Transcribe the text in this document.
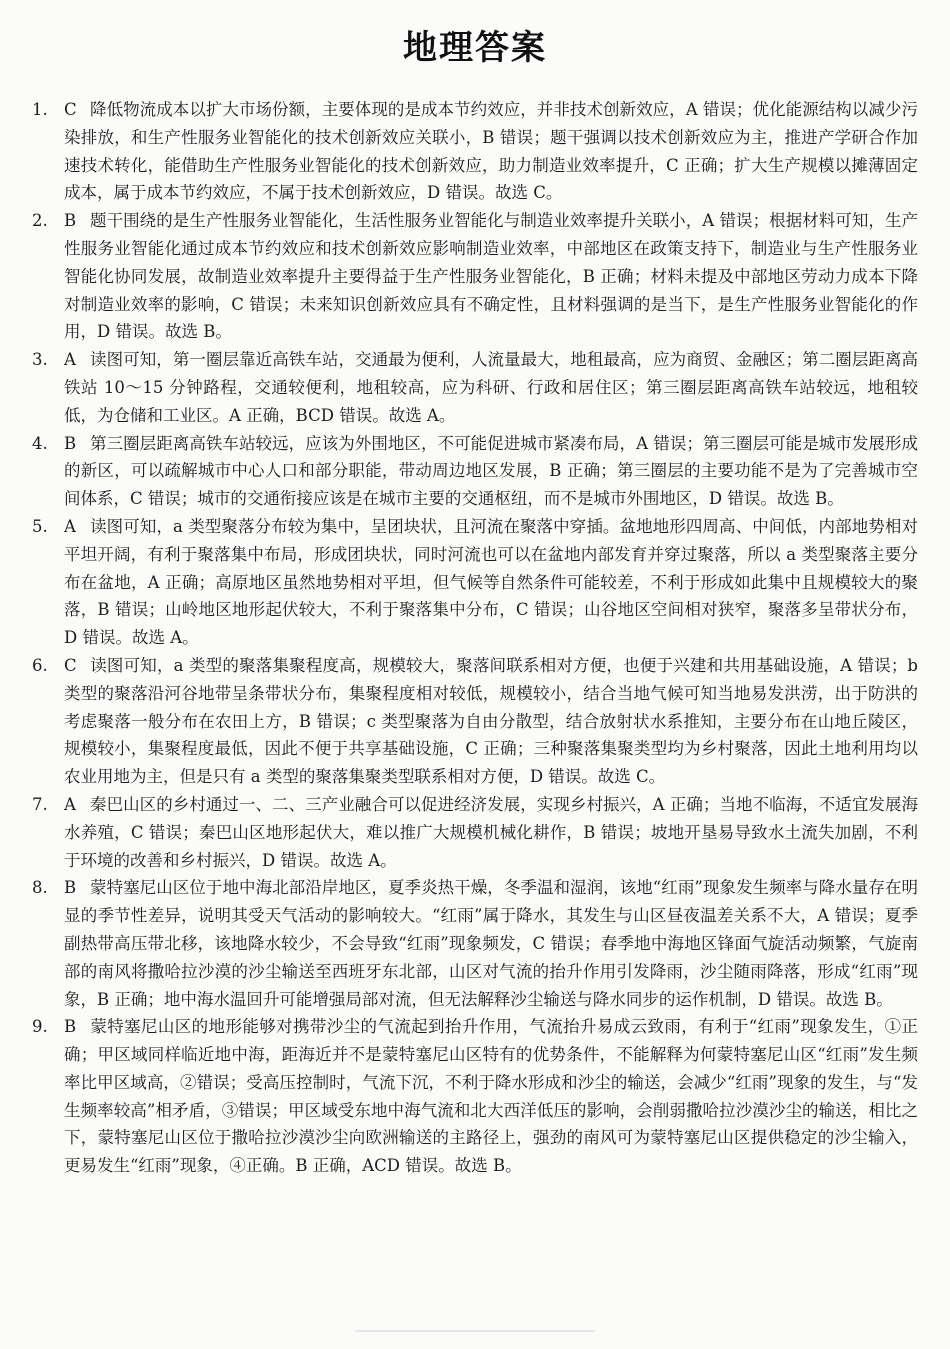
地理答案

1. C 降低物流成本以扩大市场份额，主要体现的是成本节约效应，并非技术创新效应，A 错误；优化能源结构以减少污染排放，和生产性服务业智能化的技术创新效应关联小，B 错误；题干强调以技术创新效应为主，推进产学研合作加速技术转化，能借助生产性服务业智能化的技术创新效应，助力制造业效率提升，C 正确；扩大生产规模以摊薄固定成本，属于成本节约效应，不属于技术创新效应，D 错误。故选 C。

2. B 题干围绕的是生产性服务业智能化，生活性服务业智能化与制造业效率提升关联小，A 错误；根据材料可知，生产性服务业智能化通过成本节约效应和技术创新效应影响制造业效率，中部地区在政策支持下，制造业与生产性服务业智能化协同发展，故制造业效率提升主要得益于生产性服务业智能化，B 正确；材料未提及中部地区劳动力成本下降对制造业效率的影响，C 错误；未来知识创新效应具有不确定性，且材料强调的是当下，是生产性服务业智能化的作用，D 错误。故选 B。

3. A 读图可知，第一圈层靠近高铁车站，交通最为便利，人流量最大，地租最高，应为商贸、金融区；第二圈层距离高铁站 10～15 分钟路程，交通较便利，地租较高，应为科研、行政和居住区；第三圈层距离高铁车站较远，地租较低，为仓储和工业区。A 正确，BCD 错误。故选 A。

4. B 第三圈层距离高铁车站较远，应该为外围地区，不可能促进城市紧凑布局，A 错误；第三圈层可能是城市发展形成的新区，可以疏解城市中心人口和部分职能，带动周边地区发展，B 正确；第三圈层的主要功能不是为了完善城市空间体系，C 错误；城市的交通衔接应该是在城市主要的交通枢纽，而不是城市外围地区，D 错误。故选 B。

5. A 读图可知，a 类型聚落分布较为集中，呈团块状，且河流在聚落中穿插。盆地地形四周高、中间低，内部地势相对平坦开阔，有利于聚落集中布局，形成团块状，同时河流也可以在盆地内部发育并穿过聚落，所以 a 类型聚落主要分布在盆地，A 正确；高原地区虽然地势相对平坦，但气候等自然条件可能较差，不利于形成如此集中且规模较大的聚落，B 错误；山岭地区地形起伏较大，不利于聚落集中分布，C 错误；山谷地区空间相对狭窄，聚落多呈带状分布，D 错误。故选 A。

6. C 读图可知，a 类型的聚落集聚程度高，规模较大，聚落间联系相对方便，也便于兴建和共用基础设施，A 错误；b 类型的聚落沿河谷地带呈条带状分布，集聚程度相对较低，规模较小，结合当地气候可知当地易发洪涝，出于防洪的考虑聚落一般分布在农田上方，B 错误；c 类型聚落为自由分散型，结合放射状水系推知，主要分布在山地丘陵区，规模较小，集聚程度最低，因此不便于共享基础设施，C 正确；三种聚落集聚类型均为乡村聚落，因此土地利用均以农业用地为主，但是只有 a 类型的聚落集聚类型联系相对方便，D 错误。故选 C。

7. A 秦巴山区的乡村通过一、二、三产业融合可以促进经济发展，实现乡村振兴，A 正确；当地不临海，不适宜发展海水养殖，C 错误；秦巴山区地形起伏大，难以推广大规模机械化耕作，B 错误；坡地开垦易导致水土流失加剧，不利于环境的改善和乡村振兴，D 错误。故选 A。

8. B 蒙特塞尼山区位于地中海北部沿岸地区，夏季炎热干燥，冬季温和湿润，该地“红雨”现象发生频率与降水量存在明显的季节性差异，说明其受天气活动的影响较大。“红雨”属于降水，其发生与山区昼夜温差关系不大，A 错误；夏季副热带高压带北移，该地降水较少，不会导致“红雨”现象频发，C 错误；春季地中海地区锋面气旋活动频繁，气旋南部的南风将撒哈拉沙漠的沙尘输送至西班牙东北部，山区对气流的抬升作用引发降雨，沙尘随雨降落，形成“红雨”现象，B 正确；地中海水温回升可能增强局部对流，但无法解释沙尘输送与降水同步的运作机制，D 错误。故选 B。

9. B 蒙特塞尼山区的地形能够对携带沙尘的气流起到抬升作用，气流抬升易成云致雨，有利于“红雨”现象发生，①正确；甲区域同样临近地中海，距海近并不是蒙特塞尼山区特有的优势条件，不能解释为何蒙特塞尼山区“红雨”发生频率比甲区域高，②错误；受高压控制时，气流下沉，不利于降水形成和沙尘的输送，会减少“红雨”现象的发生，与“发生频率较高”相矛盾，③错误；甲区域受东地中海气流和北大西洋低压的影响，会削弱撒哈拉沙漠沙尘的输送，相比之下，蒙特塞尼山区位于撒哈拉沙漠沙尘向欧洲输送的主路径上，强劲的南风可为蒙特塞尼山区提供稳定的沙尘输入，更易发生“红雨”现象，④正确。B 正确，ACD 错误。故选 B。
